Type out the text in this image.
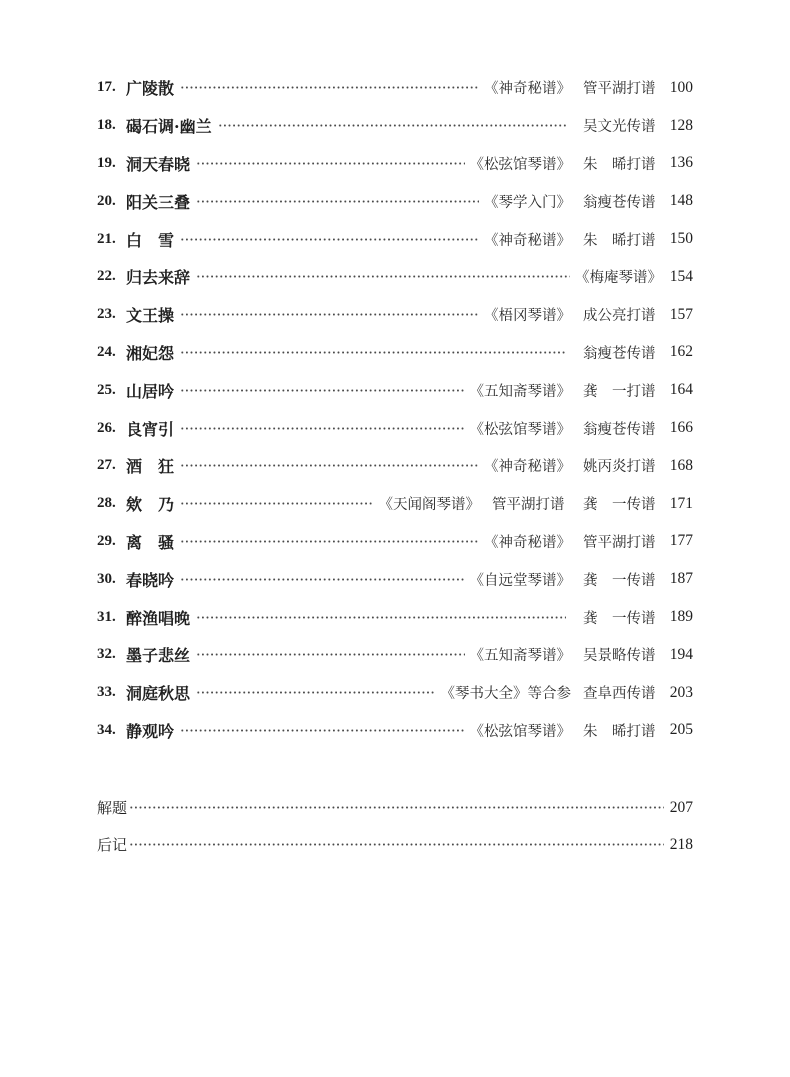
17. 广陵散	《神奇秘谱》 管平湖打谱 100
18. 碣石调·幽兰	吴文光传谱 128
19. 洞天春晓	《松弦馆琴谱》 朱　晞打谱 136
20. 阳关三叠	《琴学入门》 翁瘦苍传谱 148
21. 白　雪	《神奇秘谱》 朱　晞打谱 150
22. 归去来辞	《梅庵琴谱》 154
23. 文王操	《梧冈琴谱》 成公亮打谱 157
24. 湘妃怨	翁瘦苍传谱 162
25. 山居吟	《五知斋琴谱》 龚　一打谱 164
26. 良宵引	《松弦馆琴谱》 翁瘦苍传谱 166
27. 酒　狂	《神奇秘谱》 姚丙炎打谱 168
28. 欸　乃	《天闻阁琴谱》 管平湖打谱	龚　一传谱 171
29. 离　骚	《神奇秘谱》 管平湖打谱 177
30. 春晓吟	《自远堂琴谱》 龚　一传谱 187
31. 醉渔唱晚	龚　一传谱 189
32. 墨子悲丝	《五知斋琴谱》 吴景略传谱 194
33. 洞庭秋思	《琴书大全》等合参 查阜西传谱 203
34. 静观吟	《松弦馆琴谱》 朱　晞打谱 205
解题	207
后记	218
